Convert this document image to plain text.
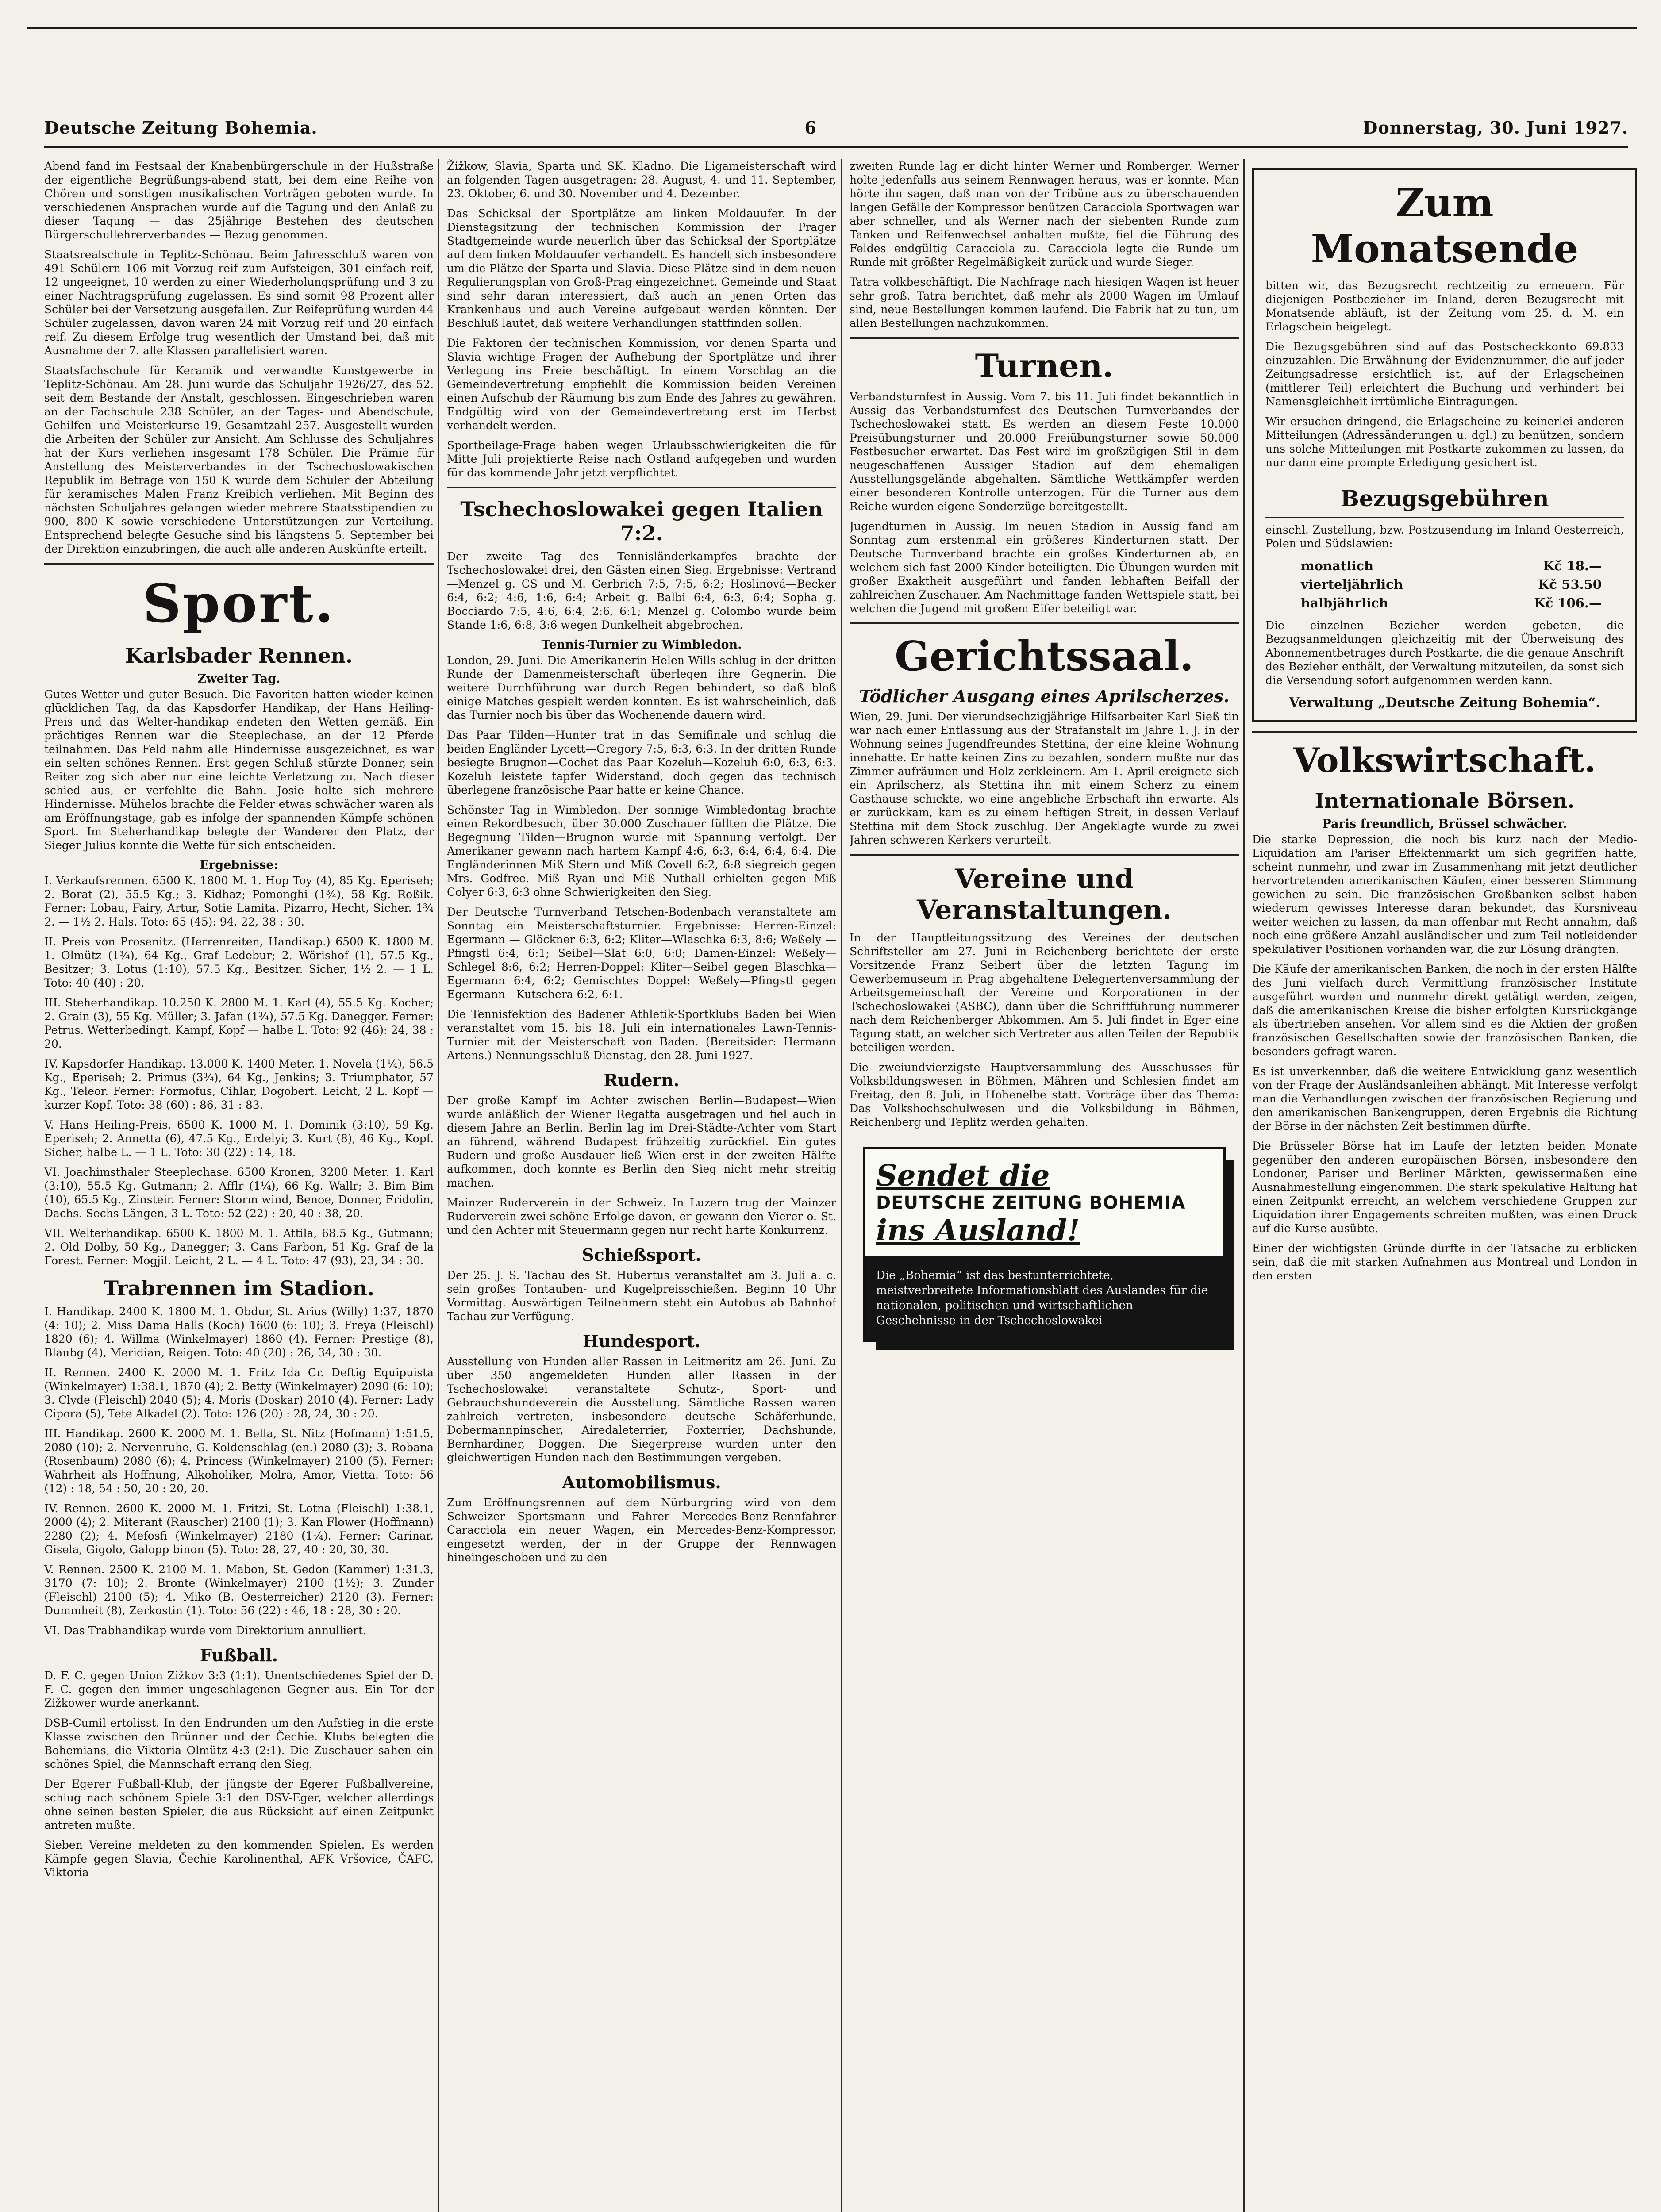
Deutsche Zeitung Bohemia.	6	Donnerstag, 30. Juni 1927.

Abend fand im Festsaal der Knabenbürgerschule in der Hußstraße der eigentliche Begrüßungs-abend statt, bei dem eine Reihe von Chören und sonstigen musikalischen Vorträgen geboten wurde. In verschiedenen Ansprachen wurde auf die Tagung und den Anlaß zu dieser Tagung — das 25jährige Bestehen des deutschen Bürgerschullehrerverbandes — Bezug genommen.

Staatsrealschule in Teplitz-Schönau. Beim Jahresschluß waren von 491 Schülern 106 mit Vorzug reif zum Aufsteigen, 301 einfach reif, 12 ungeeignet, 10 werden zu einer Wiederholungsprüfung und 3 zu einer Nachtragsprüfung zugelassen. Es sind somit 98 Prozent aller Schüler bei der Versetzung ausgefallen. Zur Reifeprüfung wurden 44 Schüler zugelassen, davon waren 24 mit Vorzug reif und 20 einfach reif. Zu diesem Erfolge trug wesentlich der Umstand bei, daß mit Ausnahme der 7. alle Klassen parallelisiert waren.

Staatsfachschule für Keramik und verwandte Kunstgewerbe in Teplitz-Schönau. Am 28. Juni wurde das Schuljahr 1926/27, das 52. seit dem Bestande der Anstalt, geschlossen. Eingeschrieben waren an der Fachschule 238 Schüler, an der Tages- und Abendschule, Gehilfen- und Meisterkurse 19, Gesamtzahl 257. Ausgestellt wurden die Arbeiten der Schüler zur Ansicht. Am Schlusse des Schuljahres hat der Kurs verliehen insgesamt 178 Schüler. Die Prämie für Anstellung des Meisterverbandes in der Tschechoslowakischen Republik im Betrage von 150 K wurde dem Schüler der Abteilung für keramisches Malen Franz Kreibich verliehen. Mit Beginn des nächsten Schuljahres gelangen wieder mehrere Staatsstipendien zu 900, 800 K sowie verschiedene Unterstützungen zur Verteilung. Entsprechend belegte Gesuche sind bis längstens 5. September bei der Direktion einzubringen, die auch alle anderen Auskünfte erteilt.

Sport.
Karlsbader Rennen.
Zweiter Tag.

Gutes Wetter und guter Besuch. Die Favoriten hatten wieder keinen glücklichen Tag, da das Kapsdorfer Handikap, der Hans Heiling-Preis und das Welter-handikap endeten den Wetten gemäß. Ein prächtiges Rennen war die Steeplechase, an der 12 Pferde teilnahmen. Das Feld nahm alle Hindernisse ausgezeichnet, es war ein selten schönes Rennen. Erst gegen Schluß stürzte Donner, sein Reiter zog sich aber nur eine leichte Verletzung zu. Nach dieser schied aus, er verfehlte die Bahn. Josie holte sich mehrere Hindernisse. Mühelos brachte die Felder etwas schwächer waren als am Eröffnungstage, gab es infolge der spannenden Kämpfe schönen Sport. Im Steherhandikap belegte der Wanderer den Platz, der Sieger Julius konnte die Wette für sich entscheiden.

Ergebnisse:

I. Verkaufsrennen. 6500 K. 1800 M. 1. Hop Toy (4), 85 Kg. Eperiseh; 2. Borat (2), 55.5 Kg.; 3. Kidhaz; Pomonghi (1¾), 58 Kg. Roßik. Ferner: Lobau, Fairy, Artur, Sotie Lamita. Pizarro, Hecht, Sicher. 1¾ 2. — 1½ 2. Hals. Toto: 65 (45): 94, 22, 38 : 30.

II. Preis von Prosenitz. (Herrenreiten, Handikap.) 6500 K. 1800 M. 1. Olmütz (1¾), 64 Kg., Graf Ledebur; 2. Wörishof (1), 57.5 Kg., Besitzer; 3. Lotus (1:10), 57.5 Kg., Besitzer. Sicher, 1½ 2. — 1 L. Toto: 40 (40) : 20.

III. Steherhandikap. 10.250 K. 2800 M. 1. Karl (4), 55.5 Kg. Kocher; 2. Grain (3), 55 Kg. Müller; 3. Jafan (1¾), 57.5 Kg. Danegger. Ferner: Petrus. Wetterbedingt. Kampf, Kopf — halbe L. Toto: 92 (46): 24, 38 : 20.

IV. Kapsdorfer Handikap. 13.000 K. 1400 Meter. 1. Novela (1¼), 56.5 Kg., Eperiseh; 2. Primus (3¾), 64 Kg., Jenkins; 3. Triumphator, 57 Kg., Teleor. Ferner: Formofus, Cihlar, Dogobert. Leicht, 2 L. Kopf — kurzer Kopf. Toto: 38 (60) : 86, 31 : 83.

V. Hans Heiling-Preis. 6500 K. 1000 M. 1. Dominik (3:10), 59 Kg. Eperiseh; 2. Annetta (6), 47.5 Kg., Erdelyi; 3. Kurt (8), 46 Kg., Kopf. Sicher, halbe L. — 1 L. Toto: 30 (22) : 14, 18.

VI. Joachimsthaler Steeplechase. 6500 Kronen, 3200 Meter. 1. Karl (3:10), 55.5 Kg. Gutmann; 2. Afflr (1¼), 66 Kg. Wallr; 3. Bim Bim (10), 65.5 Kg., Zinsteir. Ferner: Storm wind, Benoe, Donner, Fridolin, Dachs. Sechs Längen, 3 L. Toto: 52 (22) : 20, 40 : 38, 20.

VII. Welterhandikap. 6500 K. 1800 M. 1. Attila, 68.5 Kg., Gutmann; 2. Old Dolby, 50 Kg., Danegger; 3. Cans Farbon, 51 Kg. Graf de la Forest. Ferner: Mogjil. Leicht, 2 L. — 4 L. Toto: 47 (93), 23, 34 : 30.

Trabrennen im Stadion.

I. Handikap. 2400 K. 1800 M. 1. Obdur, St. Arius (Willy) 1:37, 1870 (4: 10); 2. Miss Dama Halls (Koch) 1600 (6: 10); 3. Freya (Fleischl) 1820 (6); 4. Willma (Winkelmayer) 1860 (4). Ferner: Prestige (8), Blaubg (4), Meridian, Reigen. Toto: 40 (20) : 26, 34, 30 : 30.

II. Rennen. 2400 K. 2000 M. 1. Fritz Ida Cr. Deftig Equipuista (Winkelmayer) 1:38.1, 1870 (4); 2. Betty (Winkelmayer) 2090 (6: 10); 3. Clyde (Fleischl) 2040 (5); 4. Moris (Doskar) 2010 (4). Ferner: Lady Cipora (5), Tete Alkadel (2). Toto: 126 (20) : 28, 24, 30 : 20.

III. Handikap. 2600 K. 2000 M. 1. Bella, St. Nitz (Hofmann) 1:51.5, 2080 (10); 2. Nervenruhe, G. Koldenschlag (en.) 2080 (3); 3. Robana (Rosenbaum) 2080 (6); 4. Princess (Winkelmayer) 2100 (5). Ferner: Wahrheit als Hoffnung, Alkoholiker, Molra, Amor, Vietta. Toto: 56 (12) : 18, 54 : 50, 20 : 20, 20.

IV. Rennen. 2600 K. 2000 M. 1. Fritzi, St. Lotna (Fleischl) 1:38.1, 2000 (4); 2. Miterant (Rauscher) 2100 (1); 3. Kan Flower (Hoffmann) 2280 (2); 4. Mefosfi (Winkelmayer) 2180 (1¼). Ferner: Carinar, Gisela, Gigolo, Galopp binon (5). Toto: 28, 27, 40 : 20, 30, 30.

V. Rennen. 2500 K. 2100 M. 1. Mabon, St. Gedon (Kammer) 1:31.3, 3170 (7: 10); 2. Bronte (Winkelmayer) 2100 (1½); 3. Zunder (Fleischl) 2100 (5); 4. Miko (B. Oesterreicher) 2120 (3). Ferner: Dummheit (8), Zerkostin (1). Toto: 56 (22) : 46, 18 : 28, 30 : 20.

VI. Das Trabhandikap wurde vom Direktorium annulliert.

Fußball.

D. F. C. gegen Union Zižkov 3:3 (1:1). Unentschiedenes Spiel der D. F. C. gegen den immer ungeschlagenen Gegner aus. Ein Tor der Zižkower wurde anerkannt.

DSB-Cumil ertolisst. In den Endrunden um den Aufstieg in die erste Klasse zwischen den Brünner und der Čechie. Klubs belegten die Bohemians, die Viktoria Olmütz 4:3 (2:1). Die Zuschauer sahen ein schönes Spiel, die Mannschaft errang den Sieg.

Der Egerer Fußball-Klub, der jüngste der Egerer Fußballvereine, schlug nach schönem Spiele 3:1 den DSV-Eger, welcher allerdings ohne seinen besten Spieler, die aus Rücksicht auf einen Zeitpunkt antreten mußte.

Sieben Vereine meldeten zu den kommenden Spielen. Es werden Kämpfe gegen Slavia, Čechie Karolinenthal, AFK Vršovice, ČAFC, Viktoria

Žižkow, Slavia, Sparta und SK. Kladno. Die Ligameisterschaft wird an folgenden Tagen ausgetragen: 28. August, 4. und 11. September, 23. Oktober, 6. und 30. November und 4. Dezember.

Das Schicksal der Sportplätze am linken Moldauufer. In der Dienstagsitzung der technischen Kommission der Prager Stadtgemeinde wurde neuerlich über das Schicksal der Sportplätze auf dem linken Moldauufer verhandelt. Es handelt sich insbesondere um die Plätze der Sparta und Slavia. Diese Plätze sind in dem neuen Regulierungsplan von Groß-Prag eingezeichnet. Gemeinde und Staat sind sehr daran interessiert, daß auch an jenen Orten das Krankenhaus und auch Vereine aufgebaut werden könnten. Der Beschluß lautet, daß weitere Verhandlungen stattfinden sollen.

Die Faktoren der technischen Kommission, vor denen Sparta und Slavia wichtige Fragen der Aufhebung der Sportplätze und ihrer Verlegung ins Freie beschäftigt. In einem Vorschlag an die Gemeindevertretung empfiehlt die Kommission beiden Vereinen einen Aufschub der Räumung bis zum Ende des Jahres zu gewähren. Endgültig wird von der Gemeindevertretung erst im Herbst verhandelt werden.

Sportbeilage-Frage haben wegen Urlaubsschwierigkeiten die für Mitte Juli projektierte Reise nach Ostland aufgegeben und wurden für das kommende Jahr jetzt verpflichtet.

Tschechoslowakei gegen Italien 7:2.

Der zweite Tag des Tennisländerkampfes brachte der Tschechoslowakei drei, den Gästen einen Sieg. Ergebnisse: Vertrand—Menzel g. CS und M. Gerbrich 7:5, 7:5, 6:2; Hoslinová—Becker 6:4, 6:2; 4:6, 1:6, 6:4; Arbeit g. Balbi 6:4, 6:3, 6:4; Sopha g. Bocciardo 7:5, 4:6, 6:4, 2:6, 6:1; Menzel g. Colombo wurde beim Stande 1:6, 6:8, 3:6 wegen Dunkelheit abgebrochen.

Tennis-Turnier zu Wimbledon.

London, 29. Juni. Die Amerikanerin Helen Wills schlug in der dritten Runde der Damenmeisterschaft überlegen ihre Gegnerin. Die weitere Durchführung war durch Regen behindert, so daß bloß einige Matches gespielt werden konnten. Es ist wahrscheinlich, daß das Turnier noch bis über das Wochenende dauern wird.

Das Paar Tilden—Hunter trat in das Semifinale und schlug die beiden Engländer Lycett—Gregory 7:5, 6:3, 6:3. In der dritten Runde besiegte Brugnon—Cochet das Paar Kozeluh—Kozeluh 6:0, 6:3, 6:3. Kozeluh leistete tapfer Widerstand, doch gegen das technisch überlegene französische Paar hatte er keine Chance.

Schönster Tag in Wimbledon. Der sonnige Wimbledontag brachte einen Rekordbesuch, über 30.000 Zuschauer füllten die Plätze. Die Begegnung Tilden—Brugnon wurde mit Spannung verfolgt. Der Amerikaner gewann nach hartem Kampf 4:6, 6:3, 6:4, 6:4, 6:4. Die Engländerinnen Miß Stern und Miß Covell 6:2, 6:8 siegreich gegen Mrs. Godfree. Miß Ryan und Miß Nuthall erhielten gegen Miß Colyer 6:3, 6:3 ohne Schwierigkeiten den Sieg.

Der Deutsche Turnverband Tetschen-Bodenbach veranstaltete am Sonntag ein Meisterschaftsturnier. Ergebnisse: Herren-Einzel: Egermann — Glöckner 6:3, 6:2; Kliter—Wlaschka 6:3, 8:6; Weßely — Pfingstl 6:4, 6:1; Seibel—Slat 6:0, 6:0; Damen-Einzel: Weßely—Schlegel 8:6, 6:2; Herren-Doppel: Kliter—Seibel gegen Blaschka—Egermann 6:4, 6:2; Gemischtes Doppel: Weßely—Pfingstl gegen Egermann—Kutschera 6:2, 6:1.

Die Tennisfektion des Badener Athletik-Sportklubs Baden bei Wien veranstaltet vom 15. bis 18. Juli ein internationales Lawn-Tennis-Turnier mit der Meisterschaft von Baden. (Bereitsider: Hermann Artens.) Nennungsschluß Dienstag, den 28. Juni 1927.

Rudern.

Der große Kampf im Achter zwischen Berlin—Budapest—Wien wurde anläßlich der Wiener Regatta ausgetragen und fiel auch in diesem Jahre an Berlin. Berlin lag im Drei-Städte-Achter vom Start an führend, während Budapest frühzeitig zurückfiel. Ein gutes Rudern und große Ausdauer ließ Wien erst in der zweiten Hälfte aufkommen, doch konnte es Berlin den Sieg nicht mehr streitig machen.

Mainzer Ruderverein in der Schweiz. In Luzern trug der Mainzer Ruderverein zwei schöne Erfolge davon, er gewann den Vierer o. St. und den Achter mit Steuermann gegen nur recht harte Konkurrenz.

Schießsport.

Der 25. J. S. Tachau des St. Hubertus veranstaltet am 3. Juli a. c. sein großes Tontauben- und Kugelpreisschießen. Beginn 10 Uhr Vormittag. Auswärtigen Teilnehmern steht ein Autobus ab Bahnhof Tachau zur Verfügung.

Hundesport.

Ausstellung von Hunden aller Rassen in Leitmeritz am 26. Juni. Zu über 350 angemeldeten Hunden aller Rassen in der Tschechoslowakei veranstaltete Schutz-, Sport- und Gebrauchshundeverein die Ausstellung. Sämtliche Rassen waren zahlreich vertreten, insbesondere deutsche Schäferhunde, Dobermannpinscher, Airedaleterrier, Foxterrier, Dachshunde, Bernhardiner, Doggen. Die Siegerpreise wurden unter den gleichwertigen Hunden nach den Bestimmungen vergeben.

Automobilismus.

Zum Eröffnungsrennen auf dem Nürburgring wird von dem Schweizer Sportsmann und Fahrer Mercedes-Benz-Rennfahrer Caracciola ein neuer Wagen, ein Mercedes-Benz-Kompressor, eingesetzt werden, der in der Gruppe der Rennwagen hineingeschoben und zu den

zweiten Runde lag er dicht hinter Werner und Romberger. Werner holte jedenfalls aus seinem Rennwagen heraus, was er konnte. Man hörte ihn sagen, daß man von der Tribüne aus zu überschauenden langen Gefälle der Kompressor benützen Caracciola Sportwagen war aber schneller, und als Werner nach der siebenten Runde zum Tanken und Reifenwechsel anhalten mußte, fiel die Führung des Feldes endgültig Caracciola zu. Caracciola legte die Runde um Runde mit größter Regelmäßigkeit zurück und wurde Sieger.

Tatra volkbeschäftigt. Die Nachfrage nach hiesigen Wagen ist heuer sehr groß. Tatra berichtet, daß mehr als 2000 Wagen im Umlauf sind, neue Bestellungen kommen laufend. Die Fabrik hat zu tun, um allen Bestellungen nachzukommen.

Turnen.

Verbandsturnfest in Aussig. Vom 7. bis 11. Juli findet bekanntlich in Aussig das Verbandsturnfest des Deutschen Turnverbandes der Tschechoslowakei statt. Es werden an diesem Feste 10.000 Preisübungsturner und 20.000 Freiübungsturner sowie 50.000 Festbesucher erwartet. Das Fest wird im großzügigen Stil in dem neugeschaffenen Aussiger Stadion auf dem ehemaligen Ausstellungsgelände abgehalten. Sämtliche Wettkämpfer werden einer besonderen Kontrolle unterzogen. Für die Turner aus dem Reiche wurden eigene Sonderzüge bereitgestellt.

Jugendturnen in Aussig. Im neuen Stadion in Aussig fand am Sonntag zum erstenmal ein größeres Kinderturnen statt. Der Deutsche Turnverband brachte ein großes Kinderturnen ab, an welchem sich fast 2000 Kinder beteiligten. Die Übungen wurden mit großer Exaktheit ausgeführt und fanden lebhaften Beifall der zahlreichen Zuschauer. Am Nachmittage fanden Wettspiele statt, bei welchen die Jugend mit großem Eifer beteiligt war.

Gerichtssaal.
Tödlicher Ausgang eines Aprilscherzes.

Wien, 29. Juni. Der vierundsechzigjährige Hilfsarbeiter Karl Sieß tin war nach einer Entlassung aus der Strafanstalt im Jahre 1. J. in der Wohnung seines Jugendfreundes Stettina, der eine kleine Wohnung innehatte. Er hatte keinen Zins zu bezahlen, sondern mußte nur das Zimmer aufräumen und Holz zerkleinern. Am 1. April ereignete sich ein Aprilscherz, als Stettina ihn mit einem Scherz zu einem Gasthause schickte, wo eine angebliche Erbschaft ihn erwarte. Als er zurückkam, kam es zu einem heftigen Streit, in dessen Verlauf Stettina mit dem Stock zuschlug. Der Angeklagte wurde zu zwei Jahren schweren Kerkers verurteilt.

Vereine und Veranstaltungen.

In der Hauptleitungssitzung des Vereines der deutschen Schriftsteller am 27. Juni in Reichenberg berichtete der erste Vorsitzende Franz Seibert über die letzten Tagung im Gewerbemuseum in Prag abgehaltene Delegiertenversammlung der Arbeitsgemeinschaft der Vereine und Korporationen in der Tschechoslowakei (ASBC), dann über die Schriftführung nummerer nach dem Reichenberger Abkommen. Am 5. Juli findet in Eger eine Tagung statt, an welcher sich Vertreter aus allen Teilen der Republik beteiligen werden.

Die zweiundvierzigste Hauptversammlung des Ausschusses für Volksbildungswesen in Böhmen, Mähren und Schlesien findet am Freitag, den 8. Juli, in Hohenelbe statt. Vorträge über das Thema: Das Volkshochschulwesen und die Volksbildung in Böhmen, Reichenberg und Teplitz werden gehalten.

Sendet die
DEUTSCHE ZEITUNG BOHEMIA
ins Ausland!
Die „Bohemia“ ist das bestunterrichtete, meistverbreitete Informationsblatt des Auslandes für die nationalen, politischen und wirtschaftlichen Geschehnisse in der Tschechoslowakei
Zum Monatsende

bitten wir, das Bezugsrecht rechtzeitig zu erneuern. Für diejenigen Postbezieher im Inland, deren Bezugsrecht mit Monatsende abläuft, ist der Zeitung vom 25. d. M. ein Erlagschein beigelegt.

Die Bezugsgebühren sind auf das Postscheckkonto 69.833 einzuzahlen. Die Erwähnung der Evidenznummer, die auf jeder Zeitungsadresse ersichtlich ist, auf der Erlagscheinen (mittlerer Teil) erleichtert die Buchung und verhindert bei Namensgleichheit irrtümliche Eintragungen.

Wir ersuchen dringend, die Erlagscheine zu keinerlei anderen Mitteilungen (Adressänderungen u. dgl.) zu benützen, sondern uns solche Mitteilungen mit Postkarte zukommen zu lassen, da nur dann eine prompte Erledigung gesichert ist.

Bezugsgebühren

einschl. Zustellung, bzw. Postzusendung im Inland Oesterreich, Polen und Südslawien:

monatlich	Kč 18.—
vierteljährlich	Kč 53.50
halbjährlich	Kč 106.—

Die einzelnen Bezieher werden gebeten, die Bezugsanmeldungen gleichzeitig mit der Überweisung des Abonnementbetrages durch Postkarte, die die genaue Anschrift des Bezieher enthält, der Verwaltung mitzuteilen, da sonst sich die Versendung sofort aufgenommen werden kann.

Verwaltung „Deutsche Zeitung Bohemia“.
Volkswirtschaft.
Internationale Börsen.
Paris freundlich, Brüssel schwächer.

Die starke Depression, die noch bis kurz nach der Medio-Liquidation am Pariser Effektenmarkt um sich gegriffen hatte, scheint nunmehr, und zwar im Zusammenhang mit jetzt deutlicher hervortretenden amerikanischen Käufen, einer besseren Stimmung gewichen zu sein. Die französischen Großbanken selbst haben wiederum gewisses Interesse daran bekundet, das Kursniveau weiter weichen zu lassen, da man offenbar mit Recht annahm, daß noch eine größere Anzahl ausländischer und zum Teil notleidender spekulativer Positionen vorhanden war, die zur Lösung drängten.

Die Käufe der amerikanischen Banken, die noch in der ersten Hälfte des Juni vielfach durch Vermittlung französischer Institute ausgeführt wurden und nunmehr direkt getätigt werden, zeigen, daß die amerikanischen Kreise die bisher erfolgten Kursrückgänge als übertrieben ansehen. Vor allem sind es die Aktien der großen französischen Gesellschaften sowie der französischen Banken, die besonders gefragt waren.

Es ist unverkennbar, daß die weitere Entwicklung ganz wesentlich von der Frage der Ausländsanleihen abhängt. Mit Interesse verfolgt man die Verhandlungen zwischen der französischen Regierung und den amerikanischen Bankengruppen, deren Ergebnis die Richtung der Börse in der nächsten Zeit bestimmen dürfte.

Die Brüsseler Börse hat im Laufe der letzten beiden Monate gegenüber den anderen europäischen Börsen, insbesondere den Londoner, Pariser und Berliner Märkten, gewissermaßen eine Ausnahmestellung eingenommen. Die stark spekulative Haltung hat einen Zeitpunkt erreicht, an welchem verschiedene Gruppen zur Liquidation ihrer Engagements schreiten mußten, was einen Druck auf die Kurse ausübte.

Einer der wichtigsten Gründe dürfte in der Tatsache zu erblicken sein, daß die mit starken Aufnahmen aus Montreal und London in den ersten
